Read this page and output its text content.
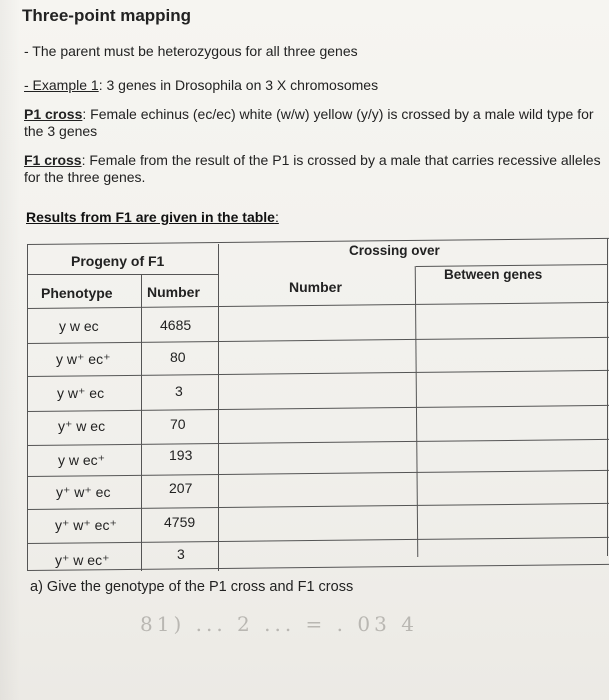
Three-point mapping
- The parent must be heterozygous for all three genes
- Example 1: 3 genes in Drosophila on 3 X chromosomes
P1 cross: Female echinus (ec/ec) white (w/w) yellow (y/y) is crossed by a male wild type for the 3 genes
F1 cross: Female from the result of the P1 is crossed by a male that carries recessive alleles for the three genes.
Results from F1 are given in the table:
Progeny of F1
Crossing over
Phenotype Number	Number
Between genes
y w ec	4685
y w⁺ ec⁺	80
y w⁺ ec	3
y⁺ w ec	70
y w ec⁺	193
y⁺ w⁺ ec	207
y⁺ w⁺ ec⁺	4759
y⁺ w ec⁺	3
a) Give the genotype of the P1 cross and F1 cross
81) ... 2 ... = . 03 4
